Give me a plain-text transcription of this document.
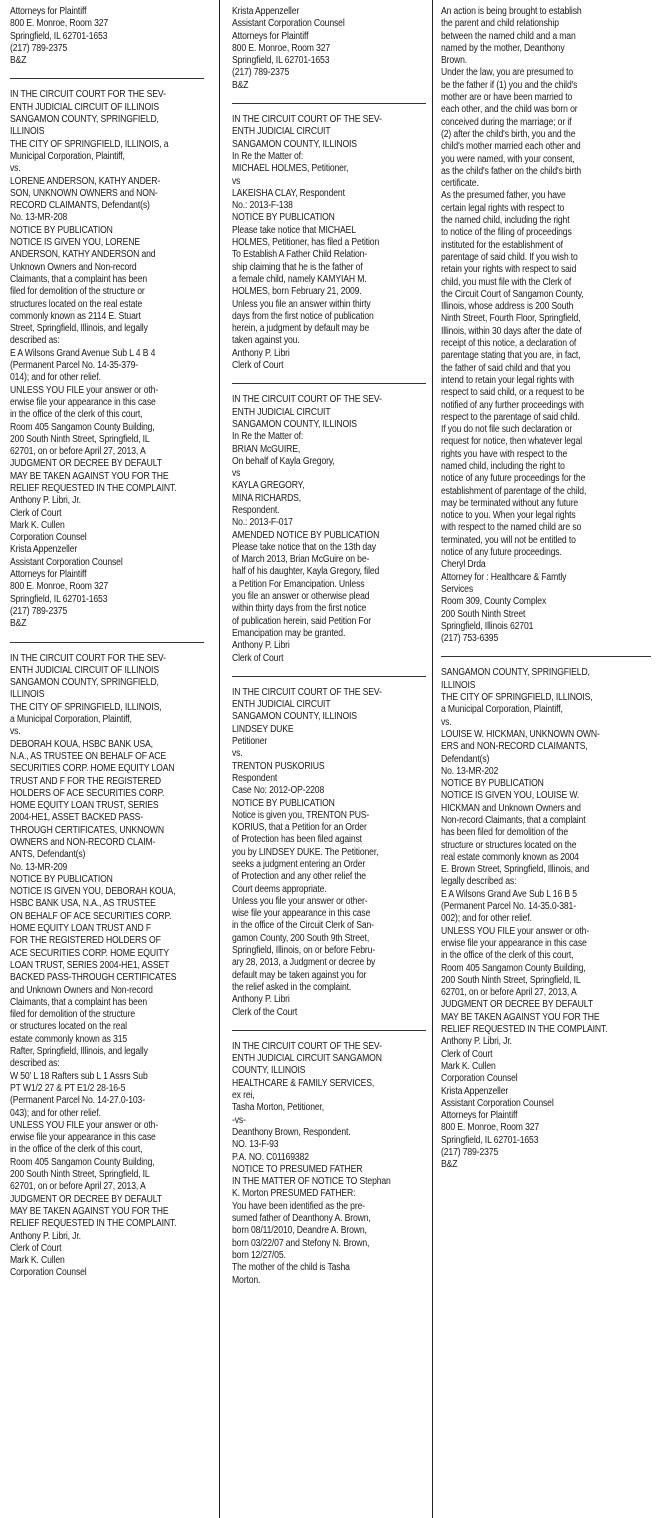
Attorneys for Plaintiff
800 E. Monroe, Room 327
Springfield, IL 62701-1653
(217) 789-2375
B&Z
IN THE CIRCUIT COURT FOR THE SEV-
ENTH JUDICIAL CIRCUIT OF ILLINOIS
SANGAMON COUNTY, SPRINGFIELD,
ILLINOIS
THE CITY OF SPRINGFIELD, ILLINOIS, a
Municipal Corporation, Plaintiff,
vs.
LORENE ANDERSON, KATHY ANDER-
SON, UNKNOWN OWNERS and NON-
RECORD CLAIMANTS, Defendant(s)
No. 13-MR-208
NOTICE BY PUBLICATION
NOTICE IS GIVEN YOU, LORENE
ANDERSON, KATHY ANDERSON and
Unknown Owners and Non-record
Claimants, that a complaint has been
filed for demolition of the structure or
structures located on the real estate
commonly known as 2114 E. Stuart
Street, Springfield, Illinois, and legally
described as:
E A Wilsons Grand Avenue Sub L 4 B 4
(Permanent Parcel No. 14-35-379-
014); and for other relief.
UNLESS YOU FILE your answer or oth-
erwise file your appearance in this case
in the office of the clerk of this court,
Room 405 Sangamon County Building,
200 South Ninth Street, Springfield, IL
62701, on or before April 27, 2013, A
JUDGMENT OR DECREE BY DEFAULT
MAY BE TAKEN AGAINST YOU FOR THE
RELIEF REQUESTED IN THE COMPLAINT.
Anthony P. Libri, Jr.
Clerk of Court
Mark K. Cullen
Corporation Counsel
Krista Appenzeller
Assistant Corporation Counsel
Attorneys for Plaintiff
800 E. Monroe, Room 327
Springfield, IL 62701-1653
(217) 789-2375
B&Z
IN THE CIRCUIT COURT FOR THE SEV-
ENTH JUDICIAL CIRCUIT OF ILLINOIS
SANGAMON COUNTY, SPRINGFIELD,
ILLINOIS
THE CITY OF SPRINGFIELD, ILLINOIS,
a Municipal Corporation, Plaintiff,
vs.
DEBORAH KOUA, HSBC BANK USA,
N.A., AS TRUSTEE ON BEHALF OF ACE
SECURITIES CORP. HOME EQUITY LOAN
TRUST AND F FOR THE REGISTERED
HOLDERS OF ACE SECURITIES CORP.
HOME EQUITY LOAN TRUST, SERIES
2004-HE1, ASSET BACKED PASS-
THROUGH CERTIFICATES, UNKNOWN
OWNERS and NON-RECORD CLAIM-
ANTS, Defendant(s)
No. 13-MR-209
NOTICE BY PUBLICATION
NOTICE IS GIVEN YOU, DEBORAH KOUA,
HSBC BANK USA, N.A., AS TRUSTEE
ON BEHALF OF ACE SECURITIES CORP.
HOME EQUITY LOAN TRUST AND F
FOR THE REGISTERED HOLDERS OF
ACE SECURITIES CORP. HOME EQUITY
LOAN TRUST, SERIES 2004-HE1, ASSET
BACKED PASS-THROUGH CERTIFICATES
and Unknown Owners and Non-record
Claimants, that a complaint has been
filed for demolition of the structure
or structures located on the real
estate commonly known as 315
Rafter, Springfield, Illinois, and legally
described as:
W 50' L 18 Rafters sub L 1 Assrs Sub
PT W1/2 27 & PT E1/2 28-16-5
(Permanent Parcel No. 14-27.0-103-
043); and for other relief.
UNLESS YOU FILE your answer or oth-
erwise file your appearance in this case
in the office of the clerk of this court,
Room 405 Sangamon County Building,
200 South Ninth Street, Springfield, IL
62701, on or before April 27, 2013, A
JUDGMENT OR DECREE BY DEFAULT
MAY BE TAKEN AGAINST YOU FOR THE
RELIEF REQUESTED IN THE COMPLAINT.
Anthony P. Libri, Jr.
Clerk of Court
Mark K. Cullen
Corporation Counsel
Krista Appenzeller
Assistant Corporation Counsel
Attorneys for Plaintiff
800 E. Monroe, Room 327
Springfield, IL 62701-1653
(217) 789-2375
B&Z
IN THE CIRCUIT COURT OF THE SEV-
ENTH JUDICIAL CIRCUIT
SANGAMON COUNTY, ILLINOIS
In Re the Matter of:
MICHAEL HOLMES, Petitioner,
vs
LAKEISHA CLAY, Respondent
No.: 2013-F-138
NOTICE BY PUBLICATION
Please take notice that MICHAEL
HOLMES, Petitioner, has filed a Petition
To Establish A Father Child Relation-
ship claiming that he is the father of
a female child, namely KAMYIAH M.
HOLMES, born February 21, 2009.
Unless you file an answer within thirty
days from the first notice of publication
herein, a judgment by default may be
taken against you.
Anthony P. Libri
Clerk of Court
IN THE CIRCUIT COURT OF THE SEV-
ENTH JUDICIAL CIRCUIT
SANGAMON COUNTY, ILLINOIS
In Re the Matter of:
BRIAN McGUIRE,
On behalf of Kayla Gregory,
vs
KAYLA GREGORY,
MINA RICHARDS,
Respondent.
No.: 2013-F-017
AMENDED NOTICE BY PUBLICATION
Please take notice that on the 13th day
of March 2013, Brian McGuire on be-
half of his daughter, Kayla Gregory, filed
a Petition For Emancipation. Unless
you file an answer or otherwise plead
within thirty days from the first notice
of publication herein, said Petition For
Emancipation may be granted.
Anthony P. Libri
Clerk of Court
IN THE CIRCUIT COURT OF THE SEV-
ENTH JUDICIAL CIRCUIT
SANGAMON COUNTY, ILLINOIS
LINDSEY DUKE
Petitioner
vs.
TRENTON PUSKORIUS
Respondent
Case No: 2012-OP-2208
NOTICE BY PUBLICATION
Notice is given you, TRENTON PUS-
KORIUS, that a Petition for an Order
of Protection has been filed against
you by LINDSEY DUKE. The Petitioner,
seeks a judgment entering an Order
of Protection and any other relief the
Court deems appropriate.
Unless you file your answer or other-
wise file your appearance in this case
in the office of the Circuit Clerk of San-
gamon County, 200 South 9th Street,
Springfield, Illinois, on or before Febru-
ary 28, 2013, a Judgment or decree by
default may be taken against you for
the relief asked in the complaint.
Anthony P. Libri
Clerk of the Court
IN THE CIRCUIT COURT OF THE SEV-
ENTH JUDICIAL CIRCUIT SANGAMON
COUNTY, ILLINOIS
HEALTHCARE & FAMILY SERVICES,
ex rei,
Tasha Morton, Petitioner,
-vs-
Deanthony Brown, Respondent.
NO. 13-F-93
P.A. NO. C01169382
NOTICE TO PRESUMED FATHER
IN THE MATTER OF NOTICE TO Stephan
K. Morton PRESUMED FATHER:
You have been identified as the pre-
sumed father of Deanthony A. Brown,
born 08/11/2010, Deandre A. Brown,
born 03/22/07 and Stefony N. Brown,
born 12/27/05.
The mother of the child is Tasha
Morton.
An action is being brought to establish
the parent and child relationship
between the named child and a man
named by the mother, Deanthony
Brown.
Under the law, you are presumed to
be the father if (1) you and the child's
mother are or have been married to
each other, and the child was born or
conceived during the marriage; or if
(2) after the child's birth, you and the
child's mother married each other and
you were named, with your consent,
as the child's father on the child's birth
certificate.
As the presumed father, you have
certain legal rights with respect to
the named child, including the right
to notice of the filing of proceedings
instituted for the establishment of
parentage of said child. If you wish to
retain your rights with respect to said
child, you must file with the Clerk of
the Circuit Court of Sangamon County,
Illinois, whose address is 200 South
Ninth Street, Fourth Floor, Springfield,
Illinois, within 30 days after the date of
receipt of this notice, a declaration of
parentage stating that you are, in fact,
the father of said child and that you
intend to retain your legal rights with
respect to said child, or a request to be
notified of any further proceedings with
respect to the parentage of said child.
If you do not file such declaration or
request for notice, then whatever legal
rights you have with respect to the
named child, including the right to
notice of any future proceedings for the
establishment of parentage of the child,
may be terminated without any future
notice to you. When your legal rights
with respect to the named child are so
terminated, you will not be entitled to
notice of any future proceedings.
Cheryl Drda
Attorney for : Healthcare & Famtly
Services
Room 309, County Complex
200 South Ninth Street
Springfield, Illinois 62701
(217) 753-6395
SANGAMON COUNTY, SPRINGFIELD,
ILLINOIS
THE CITY OF SPRINGFIELD, ILLINOIS,
a Municipal Corporation, Plaintiff,
vs.
LOUISE W. HICKMAN, UNKNOWN OWN-
ERS and NON-RECORD CLAIMANTS,
Defendant(s)
No. 13-MR-202
NOTICE BY PUBLICATION
NOTICE IS GIVEN YOU, LOUISE W.
HICKMAN and Unknown Owners and
Non-record Claimants, that a complaint
has been filed for demolition of the
structure or structures located on the
real estate commonly known as 2004
E. Brown Street, Springfield, Illinois, and
legally described as:
E A Wilsons Grand Ave Sub L 16 B 5
(Permanent Parcel No. 14-35.0-381-
002); and for other relief.
UNLESS YOU FILE your answer or oth-
erwise file your appearance in this case
in the office of the clerk of this court,
Room 405 Sangamon County Building,
200 South Ninth Street, Springfield, IL
62701, on or before April 27, 2013, A
JUDGMENT OR DECREE BY DEFAULT
MAY BE TAKEN AGAINST YOU FOR THE
RELIEF REQUESTED IN THE COMPLAINT.
Anthony P. Libri, Jr.
Clerk of Court
Mark K. Cullen
Corporation Counsel
Krista Appenzeller
Assistant Corporation Counsel
Attorneys for Plaintiff
800 E. Monroe, Room 327
Springfield, IL 62701-1653
(217) 789-2375
B&Z
